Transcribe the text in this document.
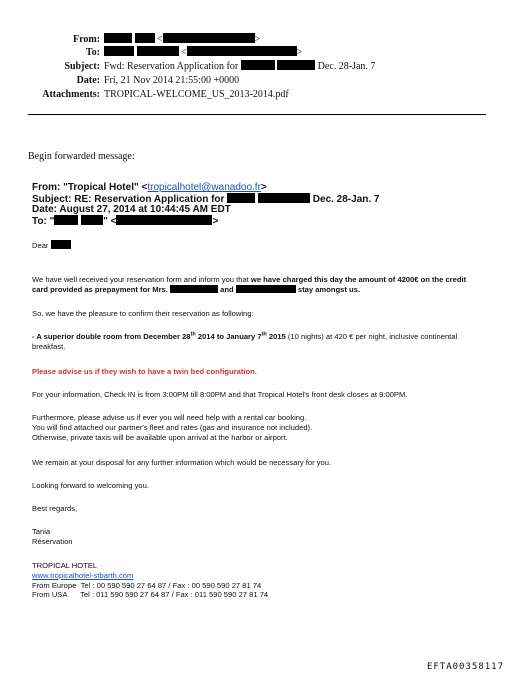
From:	<	>
To:	<	>
Subject: Fwd: Reservation Application for	Dec. 28-Jan. 7
Date: Fri, 21 Nov 2014 21:55:00 +0000
Attachments: TROPICAL-WELCOME_US_2013-2014.pdf
Begin forwarded message:
From: "Tropical Hotel" <tropicalhotel@wanadoo.fr>
Subject: RE: Reservation Application for	Dec. 28-Jan. 7
Date: August 27, 2014 at 10:44:45 AM EDT
To: "	" <	>
Dear

We have well received your reservation form and inform you that we have charged this day the amount of 4200€ on the credit card provided as prepayment for Mrs.	and	stay amongst us.

So, we have the pleasure to confirm their reservation as following:

- A superior double room from December 28th 2014 to January 7th 2015 (10 nights) at 420 € per night, inclusive continental breakfast.

Please advise us if they wish to have a twin bed configuration.
For your information, Check IN is from 3:00PM till 8:00PM and that Tropical Hotel's front desk closes at 9:00PM.

Furthermore, please advise us if ever you will need help with a rental car booking.

You will find attached our partner's fleet and rates (gas and insurance not included).

Otherwise, private taxis will be available upon arrival at the harbor or airport.

We remain at your disposal for any further information which would be necessary for you.
Looking forward to welcoming you.
Best regards,

Tania

Réservation

TROPICAL HOTEL

www.tropicalhotel-stbarth.com

From Europe Tel : 00 590 590 27 64 87 / Fax : 00 590 590 27 81 74

From USA Tel : 011 590 590 27 64 87 / Fax : 011 590 590 27 81 74

EFTA00358117
